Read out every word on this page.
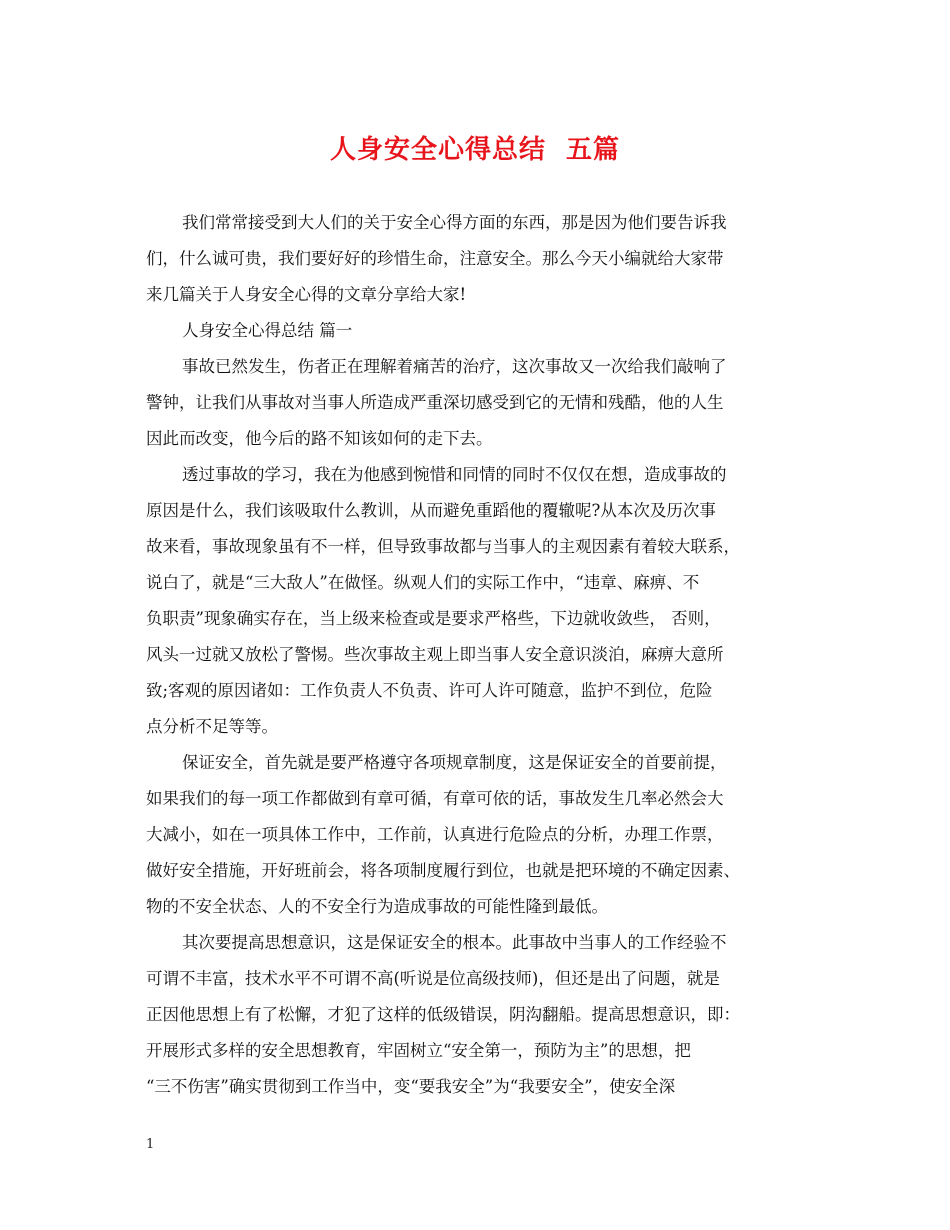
人身安全心得总结  五篇
我们常常接受到大人们的关于安全心得方面的东西，那是因为他们要告诉我
们，什么诚可贵，我们要好好的珍惜生命，注意安全。那么今天小编就给大家带
来几篇关于人身安全心得的文章分享给大家!
人身安全心得总结 篇一
事故已然发生，伤者正在理解着痛苦的治疗，这次事故又一次给我们敲响了
警钟，让我们从事故对当事人所造成严重深切感受到它的无情和残酷，他的人生
因此而改变，他今后的路不知该如何的走下去。
透过事故的学习，我在为他感到惋惜和同情的同时不仅仅在想，造成事故的
原因是什么，我们该吸取什么教训，从而避免重蹈他的覆辙呢?从本次及历次事
故来看，事故现象虽有不一样，但导致事故都与当事人的主观因素有着较大联系，
说白了，就是“三大敌人”在做怪。纵观人们的实际工作中，“违章、麻痹、不
负职责”现象确实存在，当上级来检查或是要求严格些，下边就收敛些， 否则，
风头一过就又放松了警惕。些次事故主观上即当事人安全意识淡泊，麻痹大意所
致;客观的原因诸如：工作负责人不负责、许可人许可随意，监护不到位，危险
点分析不足等等。
保证安全，首先就是要严格遵守各项规章制度，这是保证安全的首要前提，
如果我们的每一项工作都做到有章可循，有章可依的话，事故发生几率必然会大
大减小，如在一项具体工作中，工作前，认真进行危险点的分析，办理工作票，
做好安全措施，开好班前会，将各项制度履行到位，也就是把环境的不确定因素、
物的不安全状态、人的不安全行为造成事故的可能性隆到最低。
其次要提高思想意识，这是保证安全的根本。此事故中当事人的工作经验不
可谓不丰富，技术水平不可谓不高(听说是位高级技师)，但还是出了问题，就是
正因他思想上有了松懈，才犯了这样的低级错误，阴沟翻船。提高思想意识，即：
开展形式多样的安全思想教育，牢固树立“安全第一，预防为主”的思想，把
“三不伤害”确实贯彻到工作当中，变“要我安全”为“我要安全”，使安全深
1
